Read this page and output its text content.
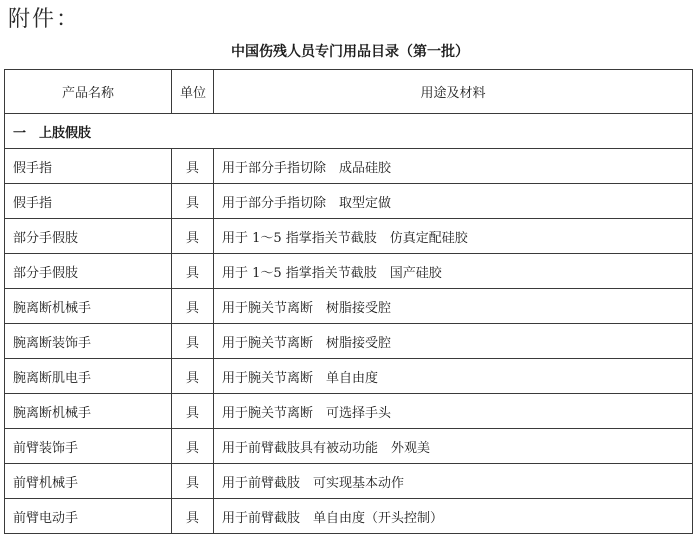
附件：
中国伤残人员专门用品目录（第一批）
产品名称	单位	用途及材料
一 上肢假肢		
假手指	具	用于部分手指切除　成品硅胶
假手指	具	用于部分手指切除　取型定做
部分手假肢	具	用于 1～5 指掌指关节截肢　仿真定配硅胶
部分手假肢	具	用于 1～5 指掌指关节截肢　国产硅胶
腕离断机械手	具	用于腕关节离断　树脂接受腔
腕离断装饰手	具	用于腕关节离断　树脂接受腔
腕离断肌电手	具	用于腕关节离断　单自由度
腕离断机械手	具	用于腕关节离断　可选择手头
前臂装饰手	具	用于前臂截肢具有被动功能　外观美
前臂机械手	具	用于前臂截肢　可实现基本动作
前臂电动手	具	用于前臂截肢　单自由度（开头控制）
